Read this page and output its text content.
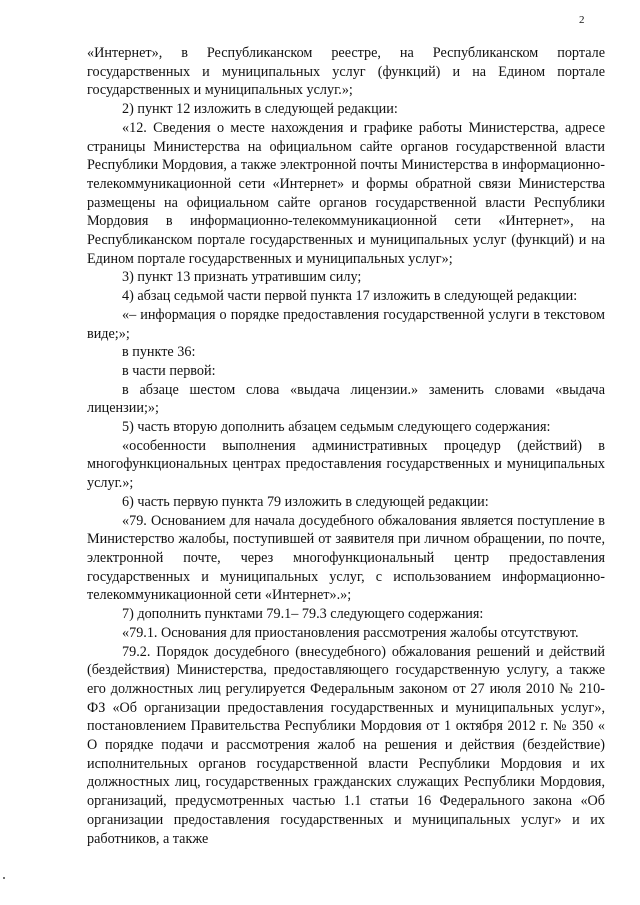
2

«Интернет», в Республиканском реестре, на Республиканском портале государственных и муниципальных услуг (функций) и на Едином портале государственных и муниципальных услуг.»;

2) пункт 12 изложить в следующей редакции:

«12. Сведения о месте нахождения и графике работы Министерства, адресе страницы Министерства на официальном сайте органов государственной власти Республики Мордовия, а также электронной почты Министерства в информационно-телекоммуникационной сети «Интернет» и формы обратной связи Министерства размещены на официальном сайте органов государственной власти Республики Мордовия в информационно-телекоммуникационной сети «Интернет», на Республиканском портале государственных и муниципальных услуг (функций) и на Едином портале государственных и муниципальных услуг»;

3) пункт 13 признать утратившим силу;

4) абзац седьмой части первой пункта 17 изложить в следующей редакции:

«– информация о порядке предоставления государственной услуги в текстовом виде;»;

в пункте 36:

в части первой:

в абзаце шестом слова «выдача лицензии.» заменить словами «выдача лицензии;»;

5) часть вторую дополнить абзацем седьмым следующего содержания:

«особенности выполнения административных процедур (действий) в многофункциональных центрах предоставления государственных и муниципальных услуг.»;

6) часть первую пункта 79 изложить в следующей редакции:

«79. Основанием для начала досудебного обжалования является поступление в Министерство жалобы, поступившей от заявителя при личном обращении, по почте, электронной почте, через многофункциональный центр предоставления государственных и муниципальных услуг, с использованием информационно-телекоммуникационной сети «Интернет».»;

7) дополнить пунктами 79.1– 79.3 следующего содержания:

«79.1. Основания для приостановления рассмотрения жалобы отсутствуют.

79.2. Порядок досудебного (внесудебного) обжалования решений и действий (бездействия) Министерства, предоставляющего государственную услугу, а также его должностных лиц регулируется Федеральным законом от 27 июля 2010 № 210-ФЗ «Об организации предоставления государственных и муниципальных услуг», постановлением Правительства Республики Мордовия от 1 октября 2012 г. № 350 « О порядке подачи и рассмотрения жалоб на решения и действия (бездействие) исполнительных органов государственной власти Республики Мордовия и их должностных лиц, государственных гражданских служащих Республики Мордовия, организаций, предусмотренных частью 1.1 статьи 16 Федерального закона «Об организации предоставления государственных и муниципальных услуг» и их работников, а также
